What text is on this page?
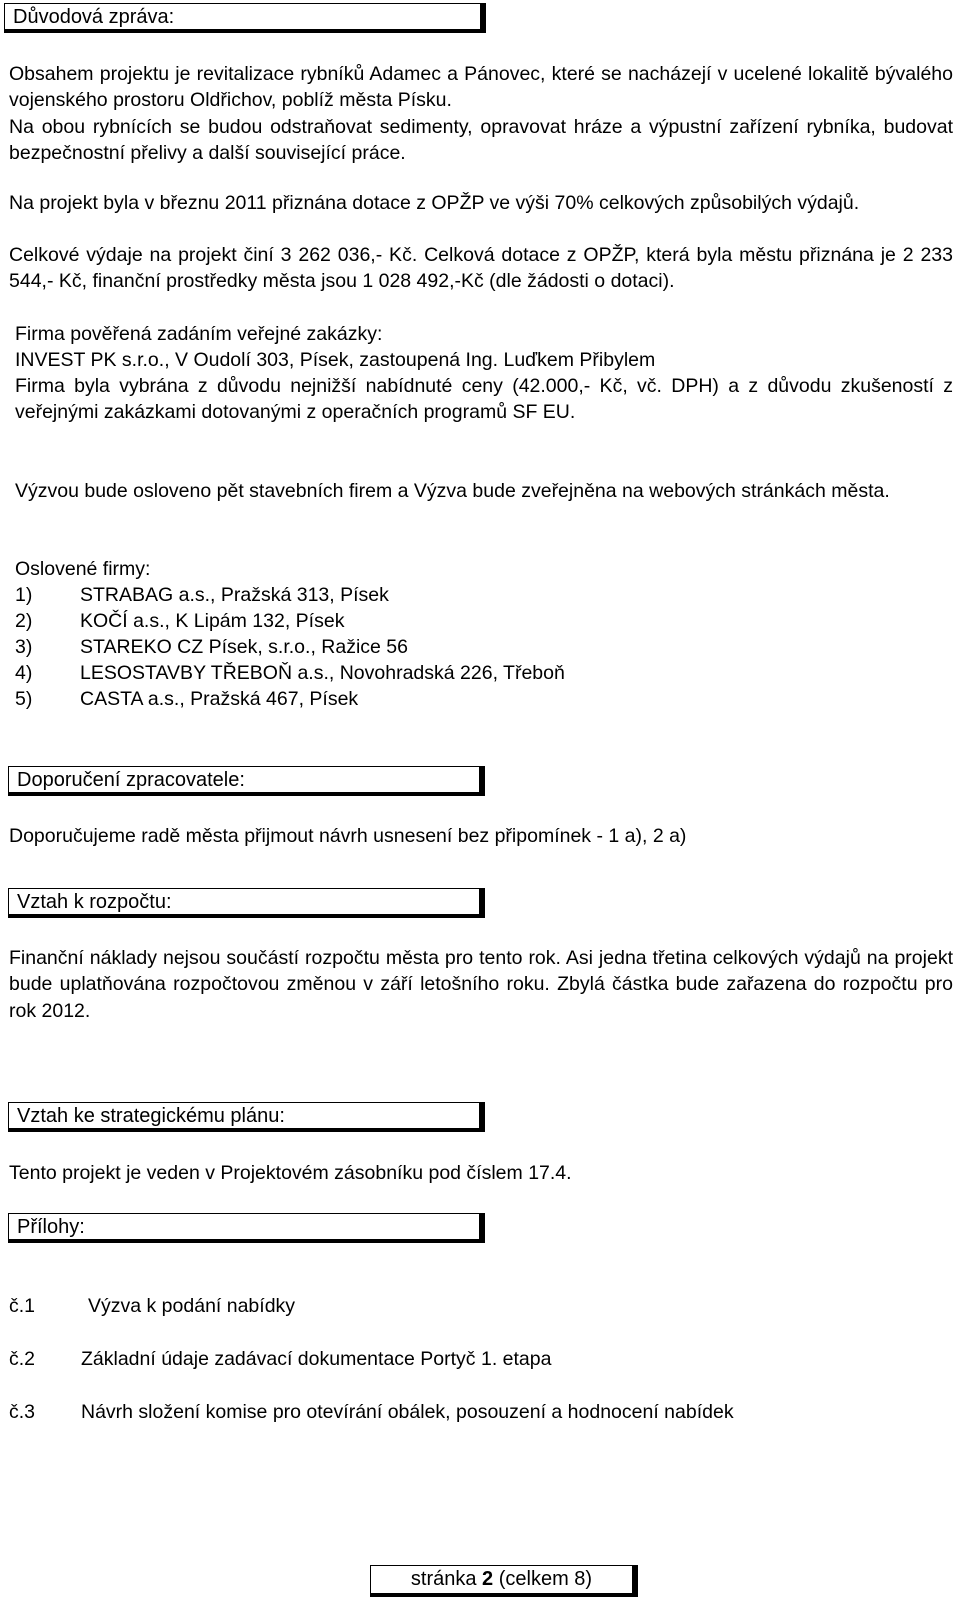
Důvodová zpráva:

Obsahem projektu je revitalizace rybníků Adamec a Pánovec, které se nacházejí v ucelené lokalitě bývalého vojenského prostoru Oldřichov, poblíž města Písku.

Na obou rybnících se budou odstraňovat sedimenty, opravovat hráze a výpustní zařízení rybníka, budovat bezpečnostní přelivy a další související práce.

Na projekt byla v březnu 2011 přiznána dotace z OPŽP ve výši 70% celkových způsobilých výdajů.

Celkové výdaje na projekt činí 3 262 036,- Kč. Celková dotace z OPŽP, která byla městu přiznána je 2 233 544,- Kč, finanční prostředky města jsou 1 028 492,-Kč (dle žádosti o dotaci).

Firma pověřená zadáním veřejné zakázky:

INVEST PK s.r.o., V Oudolí 303, Písek, zastoupená Ing. Luďkem Přibylem

Firma byla vybrána z důvodu nejnižší nabídnuté ceny (42.000,- Kč, vč. DPH) a z důvodu zkušeností z veřejnými zakázkami dotovanými z operačních programů SF EU.

Výzvou bude osloveno pět stavebních firem a Výzva bude zveřejněna na webových stránkách města.

Oslovené firmy:

1) STRABAG a.s., Pražská 313, Písek
2) KOČÍ a.s., K Lipám 132, Písek
3) STAREKO CZ Písek, s.r.o., Ražice 56
4) LESOSTAVBY TŘEBOŇ a.s., Novohradská 226, Třeboň
5) CASTA a.s., Pražská 467, Písek
Doporučení zpracovatele:

Doporučujeme radě města přijmout návrh usnesení bez připomínek - 1 a), 2 a)

Vztah k rozpočtu:

Finanční náklady nejsou součástí rozpočtu města pro tento rok. Asi jedna třetina celkových výdajů na projekt bude uplatňována rozpočtovou změnou v září letošního roku. Zbylá částka bude zařazena do rozpočtu pro rok 2012.

Vztah ke strategickému plánu:

Tento projekt je veden v Projektovém zásobníku pod číslem 17.4.

Přílohy:
č.1	Výzva k podání nabídky
č.2 Základní údaje zadávací dokumentace Portyč 1. etapa
č.3 Návrh složení komise pro otevírání obálek, posouzení a hodnocení nabídek
stránka 2 (celkem 8)
